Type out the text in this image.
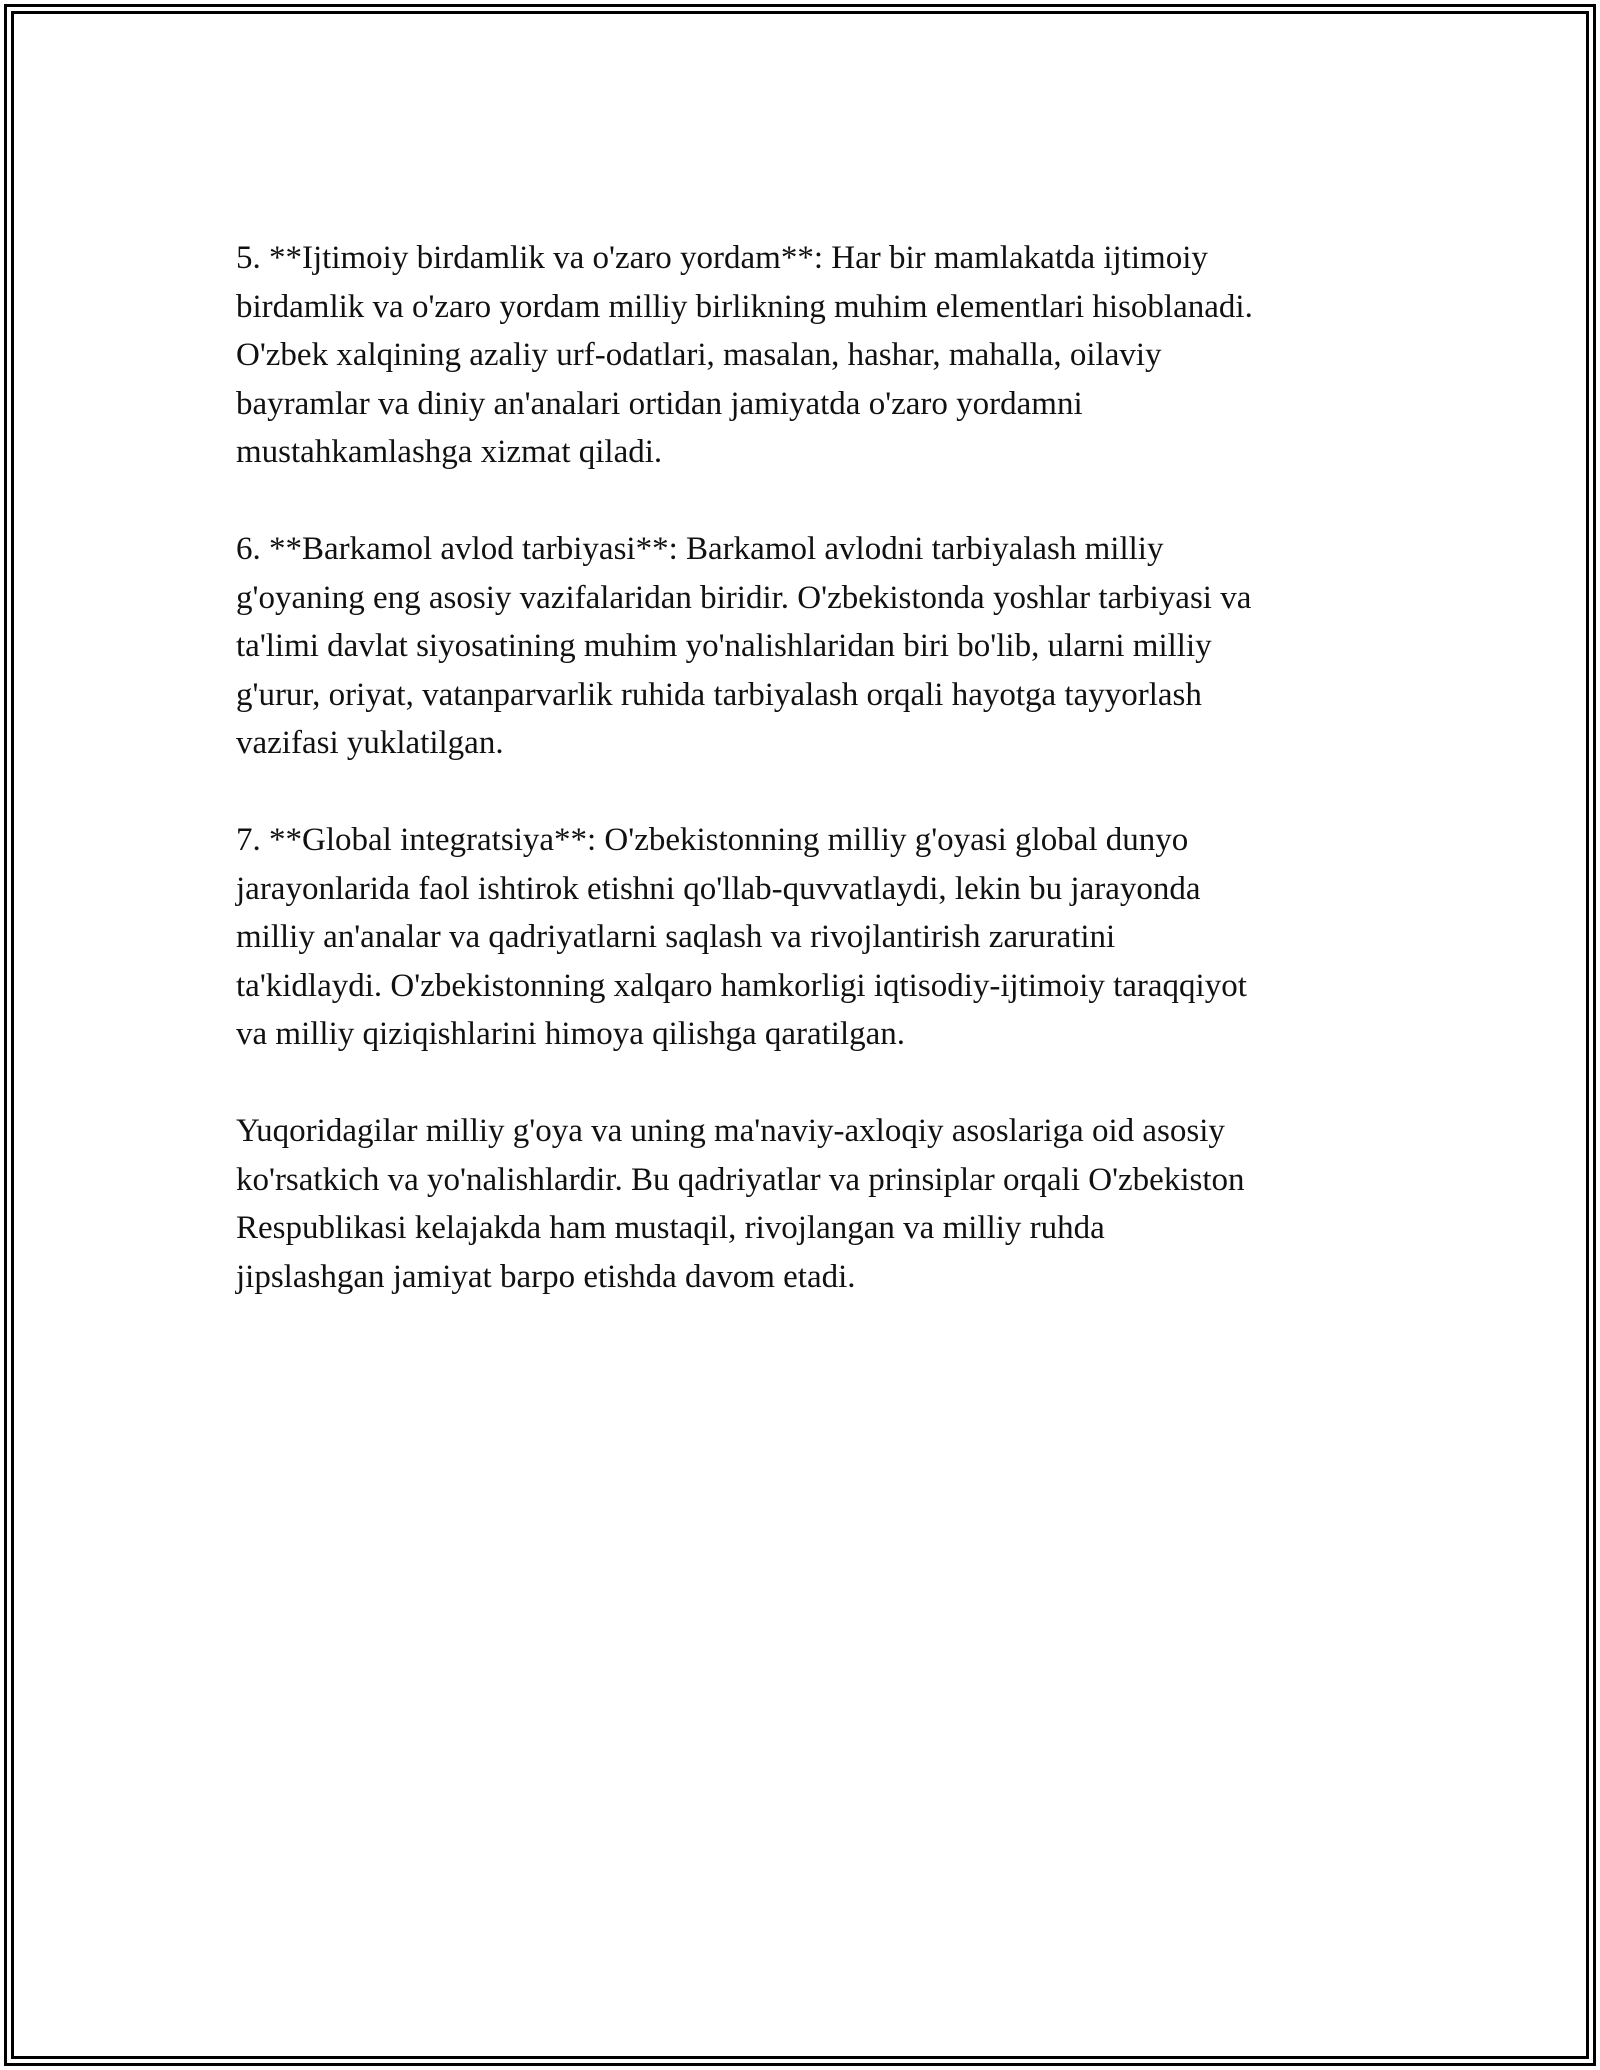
5. **Ijtimoiy birdamlik va o'zaro yordam**: Har bir mamlakatda ijtimoiy
birdamlik va o'zaro yordam milliy birlikning muhim elementlari hisoblanadi.
O'zbek xalqining azaliy urf-odatlari, masalan, hashar, mahalla, oilaviy
bayramlar va diniy an'analari ortidan jamiyatda o'zaro yordamni
mustahkamlashga xizmat qiladi.

6. **Barkamol avlod tarbiyasi**: Barkamol avlodni tarbiyalash milliy
g'oyaning eng asosiy vazifalaridan biridir. O'zbekistonda yoshlar tarbiyasi va
ta'limi davlat siyosatining muhim yo'nalishlaridan biri bo'lib, ularni milliy
g'urur, oriyat, vatanparvarlik ruhida tarbiyalash orqali hayotga tayyorlash
vazifasi yuklatilgan.

7. **Global integratsiya**: O'zbekistonning milliy g'oyasi global dunyo
jarayonlarida faol ishtirok etishni qo'llab-quvvatlaydi, lekin bu jarayonda
milliy an'analar va qadriyatlarni saqlash va rivojlantirish zaruratini
ta'kidlaydi. O'zbekistonning xalqaro hamkorligi iqtisodiy-ijtimoiy taraqqiyot
va milliy qiziqishlarini himoya qilishga qaratilgan.

Yuqoridagilar milliy g'oya va uning ma'naviy-axloqiy asoslariga oid asosiy
ko'rsatkich va yo'nalishlardir. Bu qadriyatlar va prinsiplar orqali O'zbekiston
Respublikasi kelajakda ham mustaqil, rivojlangan va milliy ruhda
jipslashgan jamiyat barpo etishda davom etadi.
